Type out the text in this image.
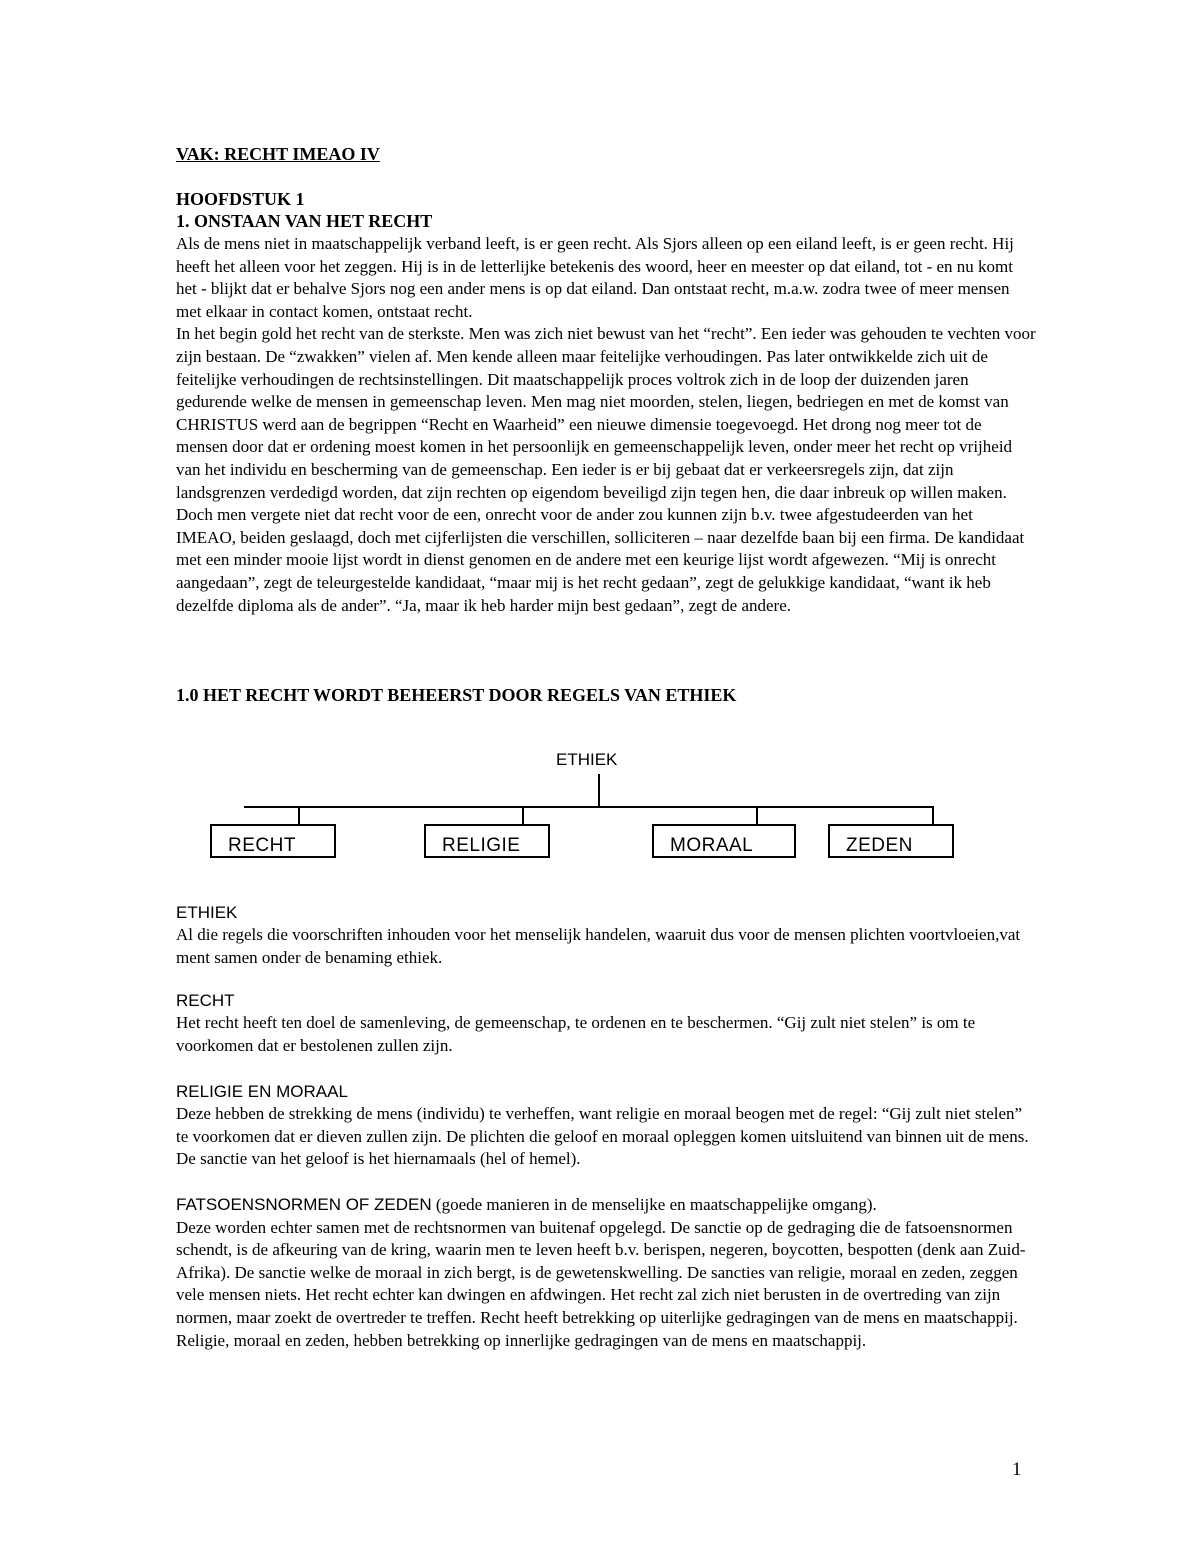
VAK: RECHT IMEAO IV
HOOFDSTUK 1
1. ONSTAAN VAN HET RECHT

Als de mens niet in maatschappelijk verband leeft, is er geen recht. Als Sjors alleen op een eiland leeft, is er geen recht. Hij heeft het alleen voor het zeggen. Hij is in de letterlijke betekenis des woord, heer en meester op dat eiland, tot - en nu komt het - blijkt dat er behalve Sjors nog een ander mens is op dat eiland. Dan ontstaat recht, m.a.w. zodra twee of meer mensen met elkaar in contact komen, ontstaat recht.
In het begin gold het recht van de sterkste. Men was zich niet bewust van het “recht”. Een ieder was gehouden te vechten voor zijn bestaan. De “zwakken” vielen af. Men kende alleen maar feitelijke verhoudingen. Pas later ontwikkelde zich uit de feitelijke verhoudingen de rechtsinstellingen. Dit maatschappelijk proces voltrok zich in de loop der duizenden jaren gedurende welke de mensen in gemeenschap leven. Men mag niet moorden, stelen, liegen, bedriegen en met de komst van CHRISTUS werd aan de begrippen “Recht en Waarheid” een nieuwe dimensie toegevoegd. Het drong nog meer tot de mensen door dat er ordening moest komen in het persoonlijk en gemeenschappelijk leven, onder meer het recht op vrijheid van het individu en bescherming van de gemeenschap. Een ieder is er bij gebaat dat er verkeersregels zijn, dat zijn landsgrenzen verdedigd worden, dat zijn rechten op eigendom beveiligd zijn tegen hen, die daar inbreuk op willen maken. Doch men vergete niet dat recht voor de een, onrecht voor de ander zou kunnen zijn b.v. twee afgestudeerden van het IMEAO, beiden geslaagd, doch met cijferlijsten die verschillen, solliciteren – naar dezelfde baan bij een firma. De kandidaat met een minder mooie lijst wordt in dienst genomen en de andere met een keurige lijst wordt afgewezen. “Mij is onrecht aangedaan”, zegt de teleurgestelde kandidaat, “maar mij is het recht gedaan”, zegt de gelukkige kandidaat, “want ik heb dezelfde diploma als de ander”. “Ja, maar ik heb harder mijn best gedaan”, zegt de andere.

1.0 HET RECHT WORDT BEHEERST DOOR REGELS VAN ETHIEK
ETHIEK
RECHT	RELIGIE	MORAAL	ZEDEN
ETHIEK

Al die regels die voorschriften inhouden voor het menselijk handelen, waaruit dus voor de mensen plichten voortvloeien,vat ment samen onder de benaming ethiek.

RECHT

Het recht heeft ten doel de samenleving, de gemeenschap, te ordenen en te beschermen. “Gij zult niet stelen” is om te voorkomen dat er bestolenen zullen zijn.

RELIGIE EN MORAAL

Deze hebben de strekking de mens (individu) te verheffen, want religie en moraal beogen met de regel: “Gij zult niet stelen” te voorkomen dat er dieven zullen zijn. De plichten die geloof en moraal opleggen komen uitsluitend van binnen uit de mens. De sanctie van het geloof is het hiernamaals (hel of hemel).

FATSOENSNORMEN OF ZEDEN (goede manieren in de menselijke en maatschappelijke omgang).

Deze worden echter samen met de rechtsnormen van buitenaf opgelegd. De sanctie op de gedraging die de fatsoensnormen schendt, is de afkeuring van de kring, waarin men te leven heeft b.v. berispen, negeren, boycotten, bespotten (denk aan Zuid-Afrika). De sanctie welke de moraal in zich bergt, is de gewetenskwelling. De sancties van religie, moraal en zeden, zeggen vele mensen niets. Het recht echter kan dwingen en afdwingen. Het recht zal zich niet berusten in de overtreding van zijn normen, maar zoekt de overtreder te treffen. Recht heeft betrekking op uiterlijke gedragingen van de mens en maatschappij. Religie, moraal en zeden, hebben betrekking op innerlijke gedragingen van de mens en maatschappij.

1
